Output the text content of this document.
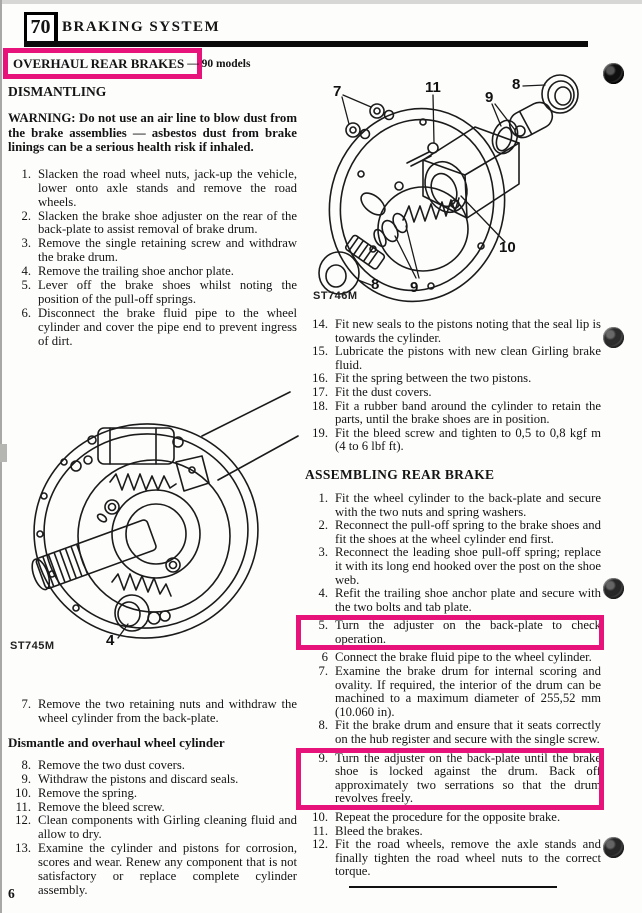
70 BRAKING SYSTEM
OVERHAUL REAR BRAKES — 90 models
DISMANTLING
WARNING: Do not use an air line to blow dust from the brake assemblies — asbestos dust from brake linings can be a serious health risk if inhaled.
1. Slacken the road wheel nuts, jack-up the vehicle, lower onto axle stands and remove the road wheels.
2. Slacken the brake shoe adjuster on the rear of the back-plate to assist removal of brake drum.
3. Remove the single retaining screw and withdraw the brake drum.
4. Remove the trailing shoe anchor plate.
5. Lever off the brake shoes whilst noting the position of the pull-off springs.
6. Disconnect the brake fluid pipe to the wheel cylinder and cover the pipe end to prevent ingress of dirt.
4
ST745M
7. Remove the two retaining nuts and withdraw the wheel cylinder from the back-plate.
Dismantle and overhaul wheel cylinder
8. Remove the two dust covers.
9. Withdraw the pistons and discard seals.
10. Remove the spring.
11. Remove the bleed screw.
12. Clean components with Girling cleaning fluid and allow to dry.
13. Examine the cylinder and pistons for corrosion, scores and wear. Renew any component that is not satisfactory or replace complete cylinder assembly.
6
7	11
9
8
10
8 9
ST746M
14. Fit new seals to the pistons noting that the seal lip is towards the cylinder.
15. Lubricate the pistons with new clean Girling brake fluid.
16. Fit the spring between the two pistons.
17. Fit the dust covers.
18. Fit a rubber band around the cylinder to retain the parts, until the brake shoes are in position.
19. Fit the bleed screw and tighten to 0,5 to 0,8 kgf m (4 to 6 lbf ft).
ASSEMBLING REAR BRAKE
1. Fit the wheel cylinder to the back-plate and secure with the two nuts and spring washers.
2. Reconnect the pull-off spring to the brake shoes and fit the shoes at the wheel cylinder end first.
3. Reconnect the leading shoe pull-off spring; replace it with its long end hooked over the post on the shoe web.
4. Refit the trailing shoe anchor plate and secure with the two bolts and tab plate.
5. Turn the adjuster on the back-plate to check operation.
6 Connect the brake fluid pipe to the wheel cylinder.
7. Examine the brake drum for internal scoring and ovality. If required, the interior of the drum can be machined to a maximum diameter of 255,52 mm (10.060 in).
8. Fit the brake drum and ensure that it seats correctly on the hub register and secure with the single screw.
9. Turn the adjuster on the back-plate until the brake shoe is locked against the drum. Back off approximately two serrations so that the drum revolves freely.
10. Repeat the procedure for the opposite brake.
11. Bleed the brakes.
12. Fit the road wheels, remove the axle stands and finally tighten the road wheel nuts to the correct torque.
